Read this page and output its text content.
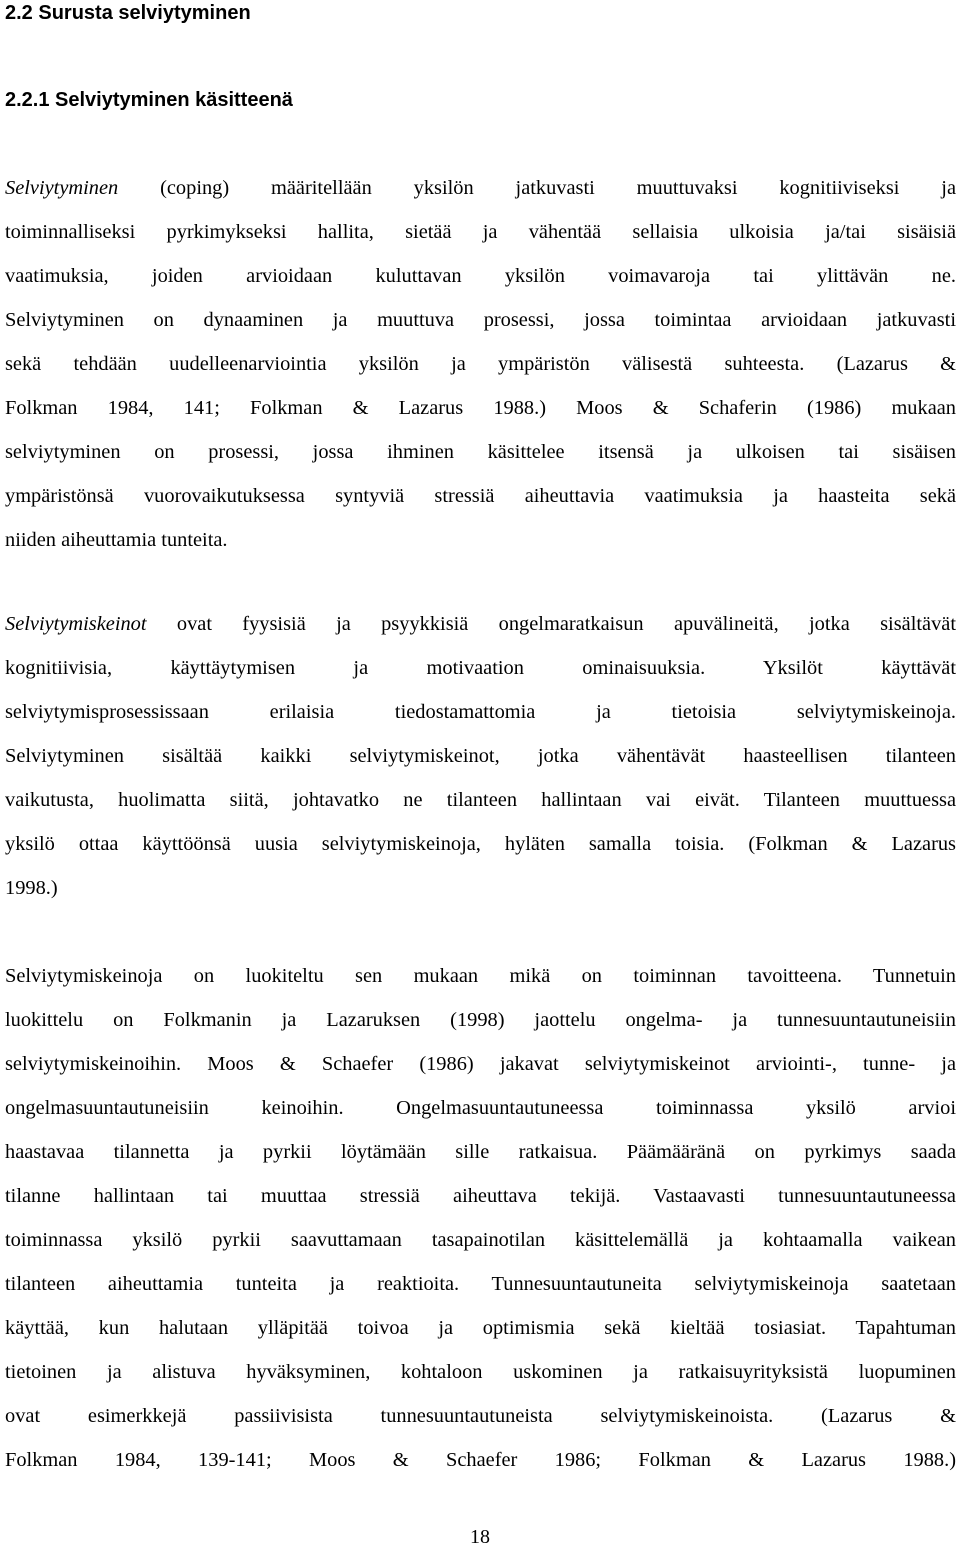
2.2 Surusta selviytyminen
2.2.1 Selviytyminen käsitteenä
Selviytyminen (coping) määritellään yksilön jatkuvasti muuttuvaksi kognitiiviseksi ja
toiminnalliseksi pyrkimykseksi hallita, sietää ja vähentää sellaisia ulkoisia ja/tai sisäisiä
vaatimuksia, joiden arvioidaan kuluttavan yksilön voimavaroja tai ylittävän ne.
Selviytyminen on dynaaminen ja muuttuva prosessi, jossa toimintaa arvioidaan jatkuvasti
sekä tehdään uudelleenarviointia yksilön ja ympäristön välisestä suhteesta. (Lazarus &
Folkman 1984, 141; Folkman & Lazarus 1988.) Moos & Schaferin (1986) mukaan
selviytyminen on prosessi, jossa ihminen käsittelee itsensä ja ulkoisen tai sisäisen
ympäristönsä vuorovaikutuksessa syntyviä stressiä aiheuttavia vaatimuksia ja haasteita sekä
niiden aiheuttamia tunteita.
Selviytymiskeinot ovat fyysisiä ja psyykkisiä ongelmaratkaisun apuvälineitä, jotka sisältävät
kognitiivisia, käyttäytymisen ja motivaation ominaisuuksia. Yksilöt käyttävät
selviytymisprosessissaan erilaisia tiedostamattomia ja tietoisia selviytymiskeinoja.
Selviytyminen sisältää kaikki selviytymiskeinot, jotka vähentävät haasteellisen tilanteen
vaikutusta, huolimatta siitä, johtavatko ne tilanteen hallintaan vai eivät. Tilanteen muuttuessa
yksilö ottaa käyttöönsä uusia selviytymiskeinoja, hyläten samalla toisia. (Folkman & Lazarus
1998.)
Selviytymiskeinoja on luokiteltu sen mukaan mikä on toiminnan tavoitteena. Tunnetuin
luokittelu on Folkmanin ja Lazaruksen (1998) jaottelu ongelma- ja tunnesuuntautuneisiin
selviytymiskeinoihin. Moos & Schaefer (1986) jakavat selviytymiskeinot arviointi-, tunne- ja
ongelmasuuntautuneisiin keinoihin. Ongelmasuuntautuneessa toiminnassa yksilö arvioi
haastavaa tilannetta ja pyrkii löytämään sille ratkaisua. Päämääränä on pyrkimys saada
tilanne hallintaan tai muuttaa stressiä aiheuttava tekijä. Vastaavasti tunnesuuntautuneessa
toiminnassa yksilö pyrkii saavuttamaan tasapainotilan käsittelemällä ja kohtaamalla vaikean
tilanteen aiheuttamia tunteita ja reaktioita. Tunnesuuntautuneita selviytymiskeinoja saatetaan
käyttää, kun halutaan ylläpitää toivoa ja optimismia sekä kieltää tosiasiat. Tapahtuman
tietoinen ja alistuva hyväksyminen, kohtaloon uskominen ja ratkaisuyrityksistä luopuminen
ovat esimerkkejä passiivisista tunnesuuntautuneista selviytymiskeinoista. (Lazarus &
Folkman 1984, 139-141; Moos & Schaefer 1986; Folkman & Lazarus 1988.)
18
